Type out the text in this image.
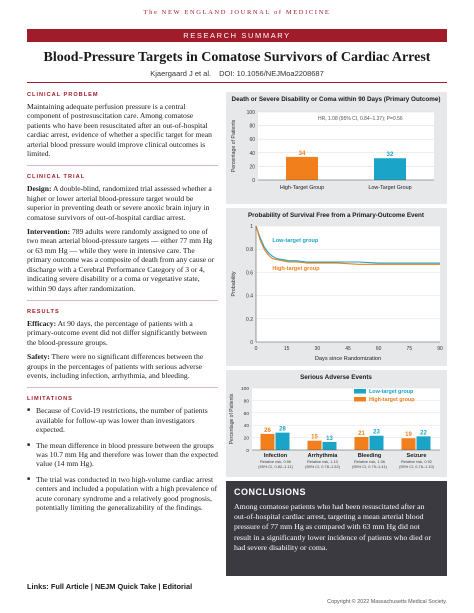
The NEW ENGLAND JOURNAL of MEDICINE
RESEARCH SUMMARY
Blood-Pressure Targets in Comatose Survivors of Cardiac Arrest
Kjaergaard J et al. DOI: 10.1056/NEJMoa2208687
CLINICAL PROBLEM

Maintaining adequate perfusion pressure is a central component of postresuscitation care. Among comatose patients who have been resuscitated after an out-of-hospital cardiac arrest, evidence of whether a specific target for mean arterial blood pressure would improve clinical outcomes is limited.

CLINICAL TRIAL

Design: A double-blind, randomized trial assessed whether a higher or lower arterial blood-pressure target would be superior in preventing death or severe anoxic brain injury in comatose survivors of out-of-hospital cardiac arrest.

Intervention: 789 adults were randomly assigned to one of two mean arterial blood-pressure targets — either 77 mm Hg or 63 mm Hg — while they were in intensive care. The primary outcome was a composite of death from any cause or discharge with a Cerebral Performance Category of 3 or 4, indicating severe disability or a coma or vegetative state, within 90 days after randomization.

RESULTS

Efficacy: At 90 days, the percentage of patients with a primary-outcome event did not differ significantly between the blood-pressure groups.

Safety: There were no significant differences between the groups in the percentages of patients with serious adverse events, including infection, arrhythmia, and bleeding.

LIMITATIONS
■ Because of Covid-19 restrictions, the number of patients available for follow-up was lower than investigators expected.
■ The mean difference in blood pressure between the groups was 10.7 mm Hg and therefore was lower than the expected value (14 mm Hg).
■ The trial was conducted in two high-volume cardiac arrest centers and included a population with a high prevalence of acute coronary syndrome and a relatively good prognosis, potentially limiting the generalizability of the findings.
Links: Full Article | NEJM Quick Take | Editorial
Death or Severe Disability or Coma within 90 Days (Primary Outcome)
0
20
40
60
80
100
Percentage of Patients
HR, 1.08 (95% CI, 0.84–1.37); P=0.56
34
High-Target Group
32
Low-Target Group
Probability of Survival Free from a Primary-Outcome Event
0
0.2
0.4
0.6
0.8
1
0	15	30	45	60	75	90
Days since Randomization
Probability
Low-target group
High-target group
Serious Adverse Events
0
20
40
60
80
100
Percentage of Patients
Low-target group
High-target group
26 28
Infection
Relative risk, 0.96
(95% CI, 0.82–1.11)
15 13
Arrhythmia
Relative risk, 1.10
(95% CI, 0.78–1.52)
21 23
Bleeding
Relative risk, 1.06
(95% CI, 0.79–1.41)
19 22
Seizure
Relative risk, 0.92
(95% CI, 0.76–1.10)
CONCLUSIONS
Among comatose patients who had been resuscitated after an out-of-hospital cardiac arrest, targeting a mean arterial blood pressure of 77 mm Hg as compared with 63 mm Hg did not result in a significantly lower incidence of patients who died or had severe disability or coma.
Copyright © 2022 Massachusetts Medical Society.
